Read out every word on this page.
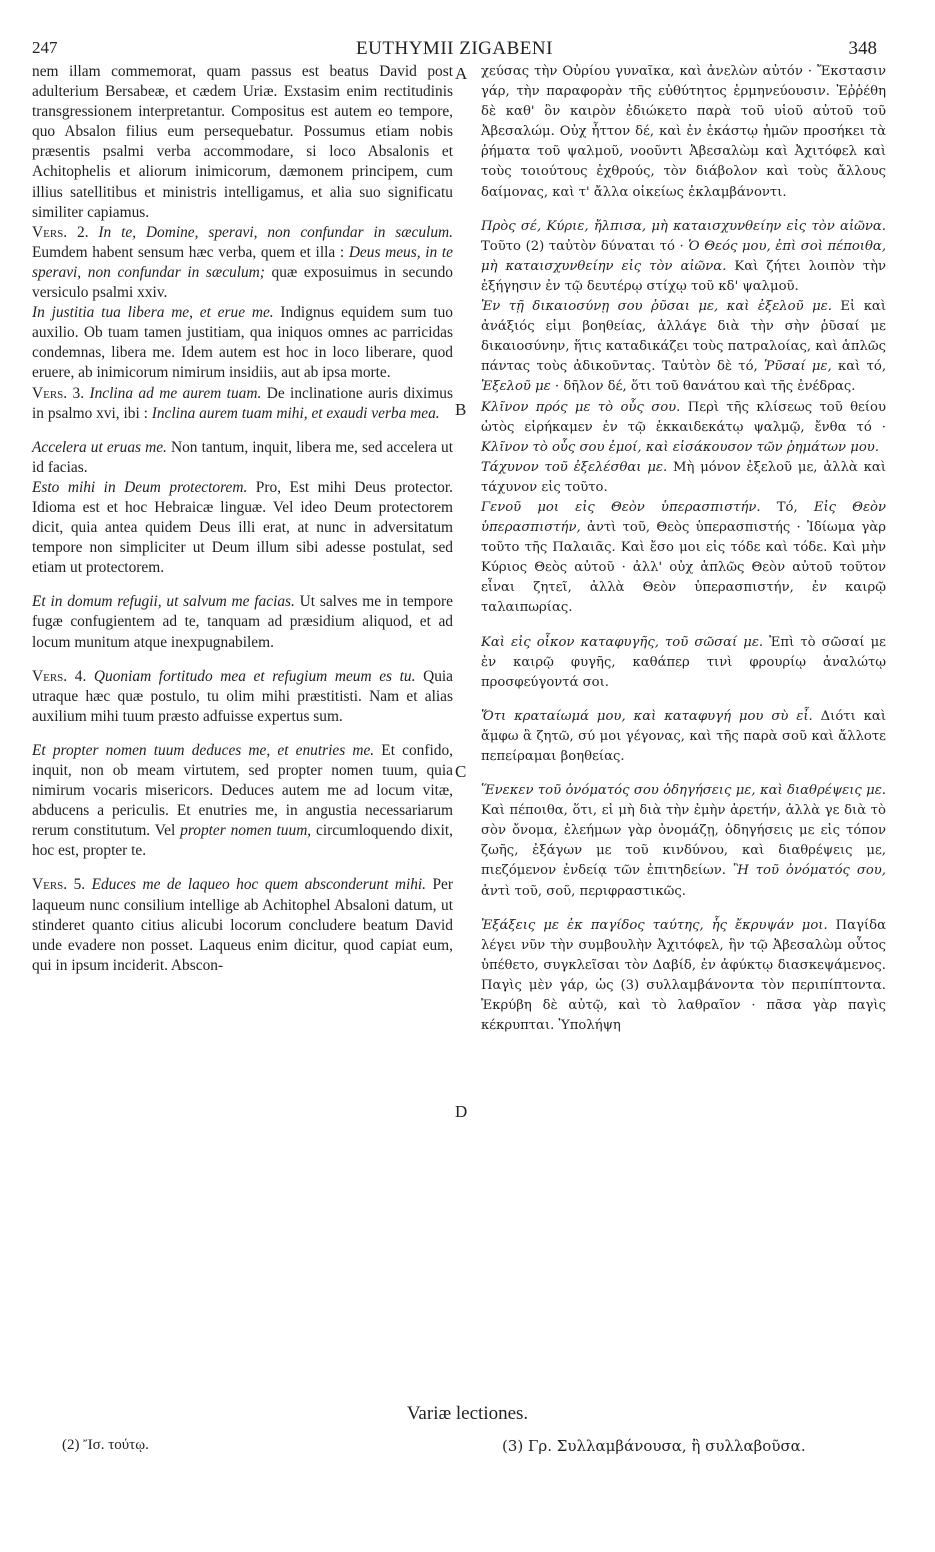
247	EUTHYMII ZIGABENI	348

nem illam commemorat, quam passus est beatus David post adulterium Bersabeæ, et cædem Uriæ. Exstasim enim rectitudinis transgressionem interpretantur. Compositus est autem eo tempore, quo Absalon filius eum persequebatur. Possumus etiam nobis præsentis psalmi verba accommodare, si loco Absalonis et Achitophelis et aliorum inimicorum, dæmonem principem, cum illius satellitibus et ministris intelligamus, et alia suo significatu similiter capiamus.

Vers. 2. In te, Domine, speravi, non confundar in sæculum. Eumdem habent sensum hæc verba, quem et illa : Deus meus, in te speravi, non confundar in sæculum; quæ exposuimus in secundo versiculo psalmi xxiv.

In justitia tua libera me, et erue me. Indignus equidem sum tuo auxilio. Ob tuam tamen justitiam, qua iniquos omnes ac parricidas condemnas, libera me. Idem autem est hoc in loco liberare, quod eruere, ab inimicorum nimirum insidiis, aut ab ipsa morte.

Vers. 3. Inclina ad me aurem tuam. De inclinatione auris diximus in psalmo xvi, ibi : Inclina aurem tuam mihi, et exaudi verba mea.

Accelera ut eruas me. Non tantum, inquit, libera me, sed accelera ut id facias.

Esto mihi in Deum protectorem. Pro, Est mihi Deus protector. Idioma est et hoc Hebraicæ linguæ. Vel ideo Deum protectorem dicit, quia antea quidem Deus illi erat, at nunc in adversitatum tempore non simpliciter ut Deum illum sibi adesse postulat, sed etiam ut protectorem.

Et in domum refugii, ut salvum me facias. Ut salves me in tempore fugæ confugientem ad te, tanquam ad præsidium aliquod, et ad locum munitum atque inexpugnabilem.

Vers. 4. Quoniam fortitudo mea et refugium meum es tu. Quia utraque hæc quæ postulo, tu olim mihi præstitisti. Nam et alias auxilium mihi tuum præsto adfuisse expertus sum.

Et propter nomen tuum deduces me, et enutries me. Et confido, inquit, non ob meam virtutem, sed propter nomen tuum, quia nimirum vocaris misericors. Deduces autem me ad locum vitæ, abducens a periculis. Et enutries me, in angustia necessariarum rerum constitutum. Vel propter nomen tuum, circumloquendo dixit, hoc est, propter te.

Vers. 5. Educes me de laqueo hoc quem absconderunt mihi. Per laqueum nunc consilium intellige ab Achitophel Absaloni datum, ut stinderet quanto citius alicubi locorum concludere beatum David unde evadere non posset. Laqueus enim dicitur, quod capiat eum, qui in ipsum inciderit. Abscon-

χεύσας τὴν Οὐρίου γυναῖκα, καὶ ἀνελὼν αὐτόν · Ἔκστασιν γάρ, τὴν παραφορὰν τῆς εὐθύτητος ἑρμηνεύουσιν. Ἐῤῥέθη δὲ καθ' ὃν καιρὸν ἐδιώκετο παρὰ τοῦ υἱοῦ αὐτοῦ τοῦ Ἀβεσαλώμ. Οὐχ ἧττον δέ, καὶ ἐν ἑκάστῳ ἡμῶν προσήκει τὰ ῥήματα τοῦ ψαλμοῦ, νοοῦντι Ἀβεσαλὼμ καὶ Ἀχιτόφελ καὶ τοὺς τοιούτους ἐχθρούς, τὸν διάβολον καὶ τοὺς ἄλλους δαίμονας, καὶ τ' ἄλλα οἰκείως ἐκλαμβάνοντι.

Πρὸς σέ, Κύριε, ἤλπισα, μὴ καταισχυνθείην εἰς τὸν αἰῶνα. Τοῦτο (2) ταὐτὸν δύναται τό · Ὁ Θεός μου, ἐπὶ σοὶ πέποιθα, μὴ καταισχυνθείην εἰς τὸν αἰῶνα. Καὶ ζήτει λοιπὸν τὴν ἐξήγησιν ἐν τῷ δευτέρῳ στίχῳ τοῦ κδ' ψαλμοῦ.

Ἐν τῇ δικαιοσύνῃ σου ῥῦσαι με, καὶ ἐξελοῦ με. Εἰ καὶ ἀνάξιός εἰμι βοηθείας, ἀλλάγε διὰ τὴν σὴν ῥῦσαί με δικαιοσύνην, ἥτις καταδικάζει τοὺς πατραλοίας, καὶ ἁπλῶς πάντας τοὺς ἀδικοῦντας. Ταὐτὸν δὲ τό, Ῥῦσαί με, καὶ τό, Ἐξελοῦ με · δῆλον δέ, ὅτι τοῦ θανάτου καὶ τῆς ἐνέδρας.

Κλῖνον πρός με τὸ οὖς σου. Περὶ τῆς κλίσεως τοῦ θείου ὠτὸς εἰρήκαμεν ἐν τῷ ἑκκαιδεκάτῳ ψαλμῷ, ἔνθα τό · Κλῖνον τὸ οὖς σου ἐμοί, καὶ εἰσάκουσον τῶν ῥημάτων μου.

Τάχυνον τοῦ ἐξελέσθαι με. Μὴ μόνον ἐξελοῦ με, ἀλλὰ καὶ τάχυνον εἰς τοῦτο.

Γενοῦ μοι εἰς Θεὸν ὑπερασπιστήν. Τό, Εἰς Θεὸν ὑπερασπιστήν, ἀντὶ τοῦ, Θεὸς ὑπερασπιστής · Ἰδίωμα γὰρ τοῦτο τῆς Παλαιᾶς. Καὶ ἔσο μοι εἰς τόδε καὶ τόδε. Καὶ μὴν Κύριος Θεὸς αὐτοῦ · ἀλλ' οὐχ ἁπλῶς Θεὸν αὐτοῦ τοῦτον εἶναι ζητεῖ, ἀλλὰ Θεὸν ὑπερασπιστήν, ἐν καιρῷ ταλαιπωρίας.

Καὶ εἰς οἶκον καταφυγῆς, τοῦ σῶσαί με. Ἐπὶ τὸ σῶσαί με ἐν καιρῷ φυγῆς, καθάπερ τινὶ φρουρίῳ ἀναλώτῳ προσφεύγοντά σοι.

Ὅτι κραταίωμά μου, καὶ καταφυγή μου σὺ εἶ. Διότι καὶ ἄμφω ἃ ζητῶ, σύ μοι γέγονας, καὶ τῆς παρὰ σοῦ καὶ ἄλλοτε πεπείραμαι βοηθείας.

Ἕνεκεν τοῦ ὀνόματός σου ὁδηγήσεις με, καὶ διαθρέψεις με. Καὶ πέποιθα, ὅτι, εἰ μὴ διὰ τὴν ἐμὴν ἀρετήν, ἀλλὰ γε διὰ τὸ σὸν ὄνομα, ἐλεήμων γὰρ ὀνομάζῃ, ὁδηγήσεις με εἰς τόπον ζωῆς, ἐξάγων με τοῦ κινδύνου, καὶ διαθρέψεις με, πιεζόμενον ἐνδείᾳ τῶν ἐπιτηδείων. Ἢ τοῦ ὀνόματός σου, ἀντὶ τοῦ, σοῦ, περιφραστικῶς.

Ἐξάξεις με ἐκ παγίδος ταύτης, ἧς ἔκρυψάν μοι. Παγίδα λέγει νῦν τὴν συμβουλὴν Ἀχιτόφελ, ἣν τῷ Ἀβεσαλὼμ οὗτος ὑπέθετο, συγκλεῖσαι τὸν Δαβίδ, ἐν ἀφύκτῳ διασκεψάμενος. Παγὶς μὲν γάρ, ὡς (3) συλλαμβάνοντα τὸν περιπίπτοντα. Ἐκρύβη δὲ αὐτῷ, καὶ τὸ λαθραῖον · πᾶσα γὰρ παγὶς κέκρυπται. Ὑπολήψη

A
B
C
D
Variæ lectiones.
(2) Ἴσ. τούτῳ.	(3) Γρ. Συλλαμβάνουσα, ἢ συλλαβοῦσα.
